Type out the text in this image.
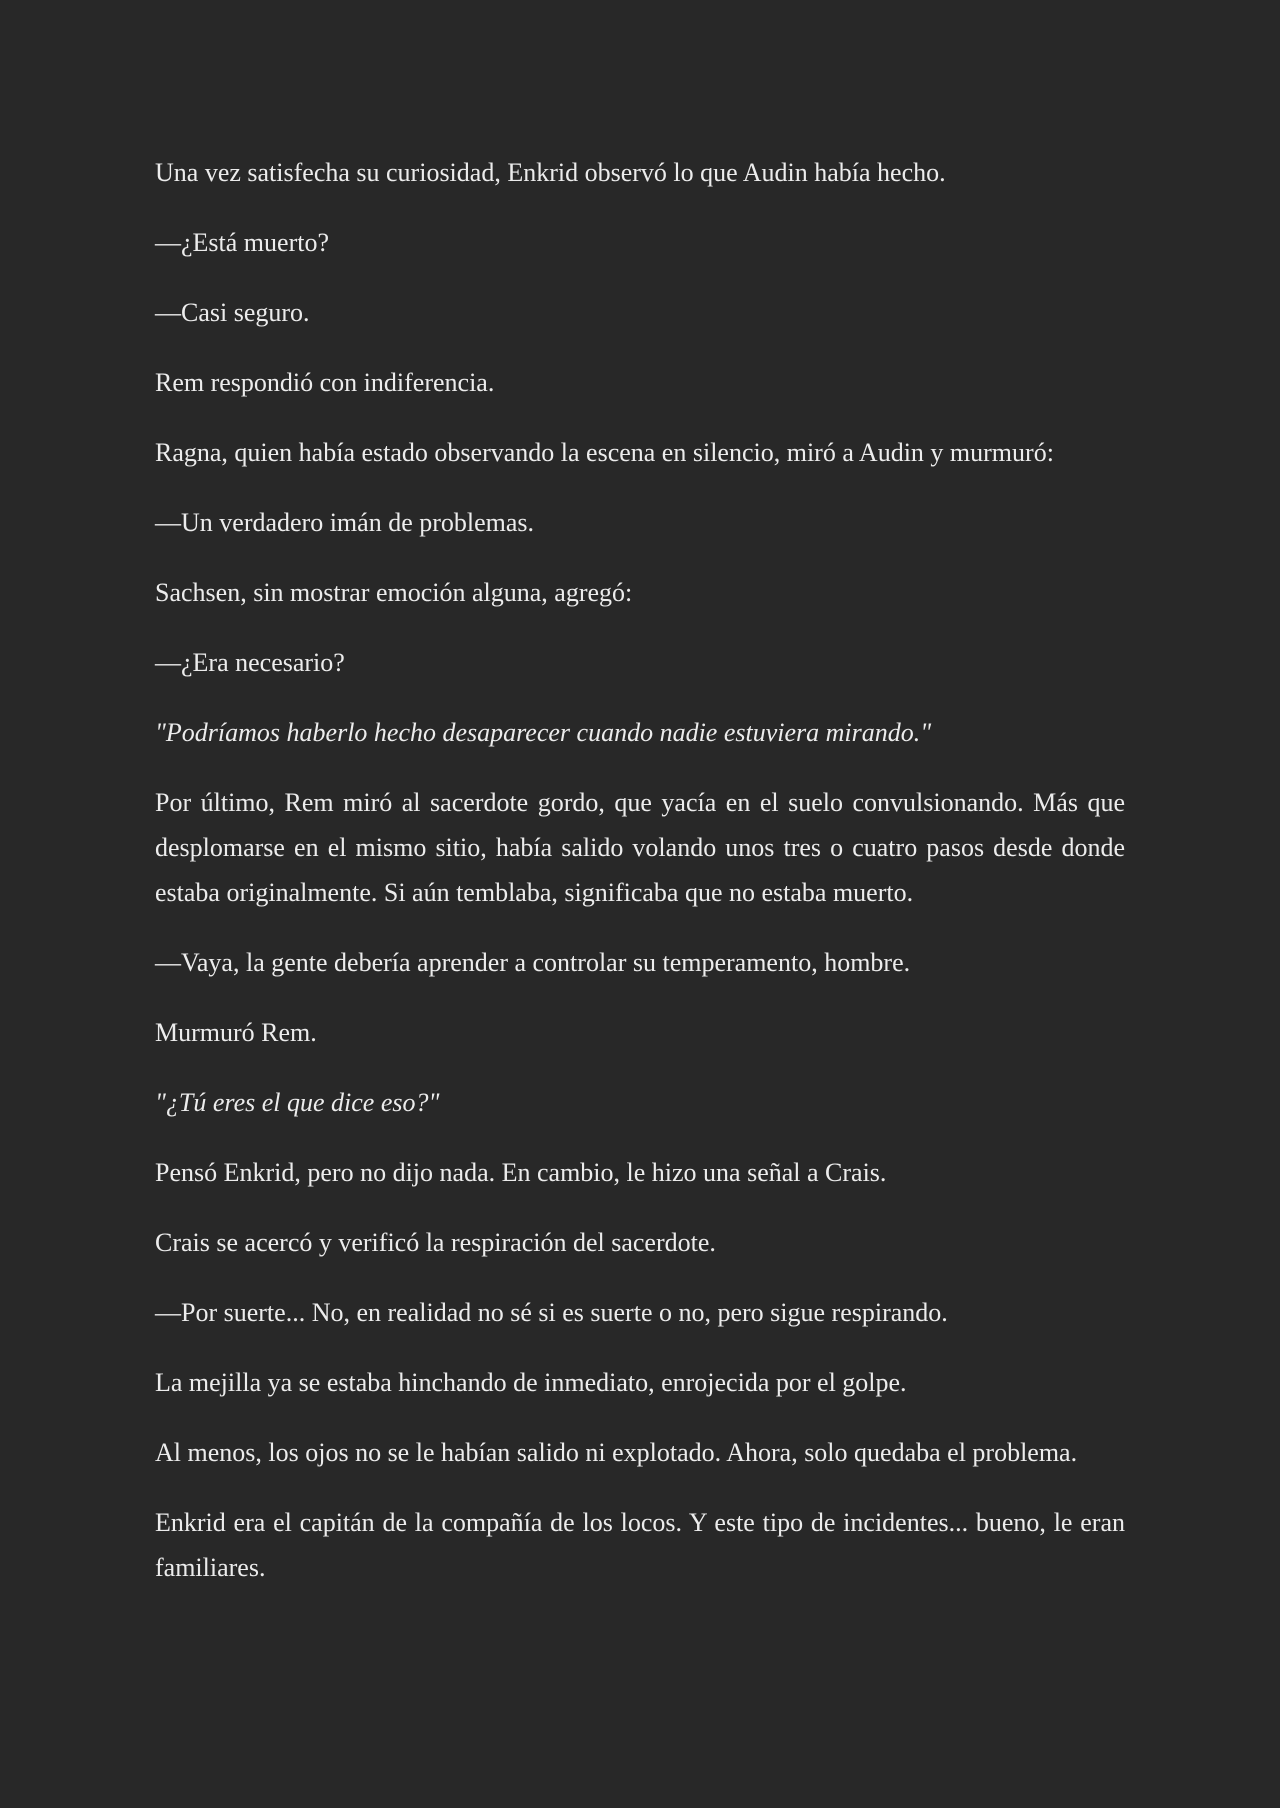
Una vez satisfecha su curiosidad, Enkrid observó lo que Audin había hecho.

—¿Está muerto?

—Casi seguro.

Rem respondió con indiferencia.

Ragna, quien había estado observando la escena en silencio, miró a Audin y murmuró:

—Un verdadero imán de problemas.

Sachsen, sin mostrar emoción alguna, agregó:

—¿Era necesario?

"Podríamos haberlo hecho desaparecer cuando nadie estuviera mirando."

Por último, Rem miró al sacerdote gordo, que yacía en el suelo convulsionando. Más que desplomarse en el mismo sitio, había salido volando unos tres o cuatro pasos desde donde estaba originalmente. Si aún temblaba, significaba que no estaba muerto.

—Vaya, la gente debería aprender a controlar su temperamento, hombre.

Murmuró Rem.

"¿Tú eres el que dice eso?"

Pensó Enkrid, pero no dijo nada. En cambio, le hizo una señal a Crais.

Crais se acercó y verificó la respiración del sacerdote.

—Por suerte... No, en realidad no sé si es suerte o no, pero sigue respirando.

La mejilla ya se estaba hinchando de inmediato, enrojecida por el golpe.

Al menos, los ojos no se le habían salido ni explotado. Ahora, solo quedaba el problema.

Enkrid era el capitán de la compañía de los locos. Y este tipo de incidentes... bueno, le eran familiares.
